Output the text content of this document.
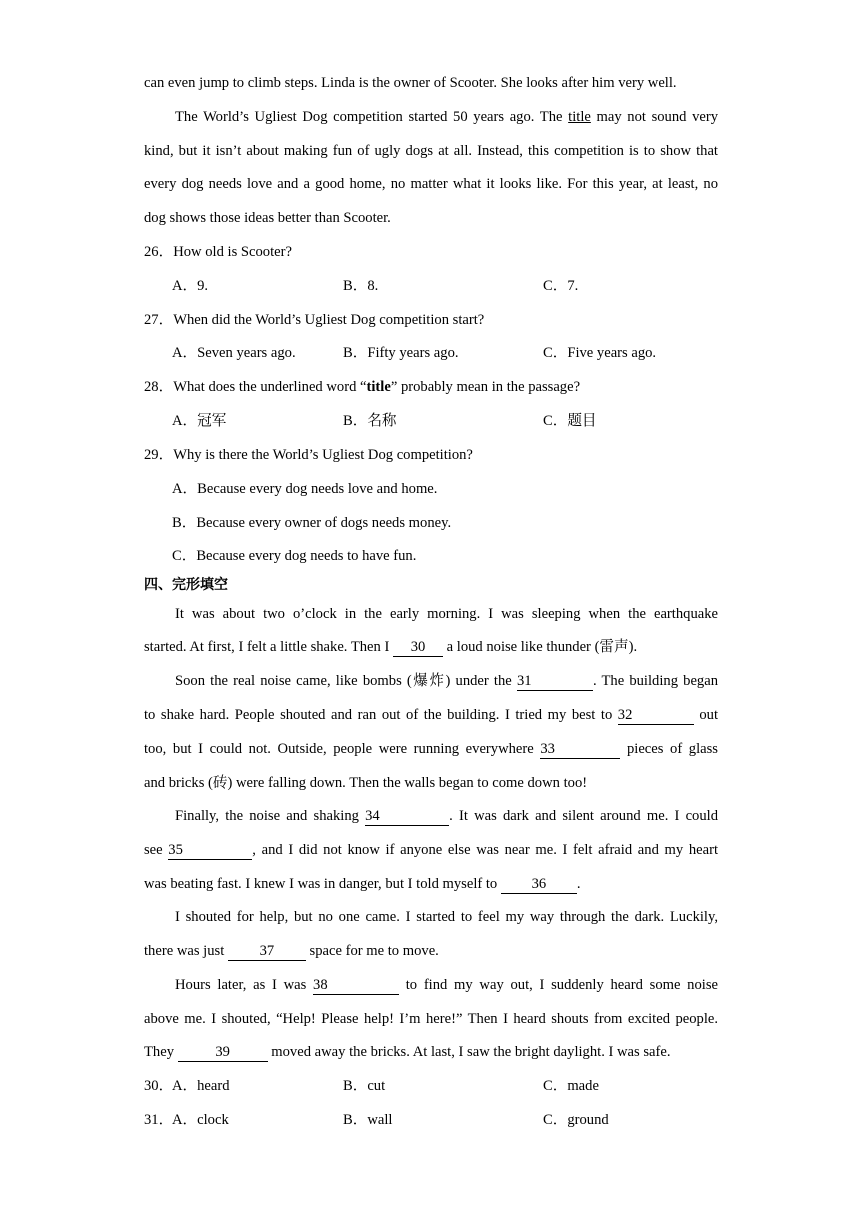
can even jump to climb steps. Linda is the owner of Scooter. She looks after him very well.
The World’s Ugliest Dog competition started 50 years ago. The title may not sound very
kind, but it isn’t about making fun of ugly dogs at all. Instead, this competition is to show that
every dog needs love and a good home, no matter what it looks like. For this year, at least, no
dog shows those ideas better than Scooter.
26．How old is Scooter?
A．9.	B．8.	C．7.
27．When did the World’s Ugliest Dog competition start?
A．Seven years ago.	B．Fifty years ago.	C．Five years ago.
28．What does the underlined word “title” probably mean in the passage?
A．冠军	B．名称	C．题目
29．Why is there the World’s Ugliest Dog competition?
A．Because every dog needs love and home.
B．Because every owner of dogs needs money.
C．Because every dog needs to have fun.
四、完形填空
It was about two o’clock in the early morning. I was sleeping when the earthquake
started. At first, I felt a little shake. Then I 30 a loud noise like thunder (雷声).
Soon the real noise came, like bombs (爆炸) under the 31	. The building began
to shake hard. People shouted and ran out of the building. I tried my best to 32	out
too, but I could not. Outside, people were running everywhere 33	pieces of glass
and bricks (砖) were falling down. Then the walls began to come down too!
Finally, the noise and shaking 34	. It was dark and silent around me. I could
see 35	, and I did not know if anyone else was near me. I felt afraid and my heart
was beating fast. I knew I was in danger, but I told myself to 36 .
I shouted for help, but no one came. I started to feel my way through the dark. Luckily,
there was just 37 space for me to move.
Hours later, as I was 38	to find my way out, I suddenly heard some noise
above me. I shouted, “Help! Please help! I’m here!” Then I heard shouts from excited people.
They	39	moved away the bricks. At last, I saw the bright daylight. I was safe.
30．
A．heard	B．cut	C．made
31．
A．clock	B．wall	C．ground
